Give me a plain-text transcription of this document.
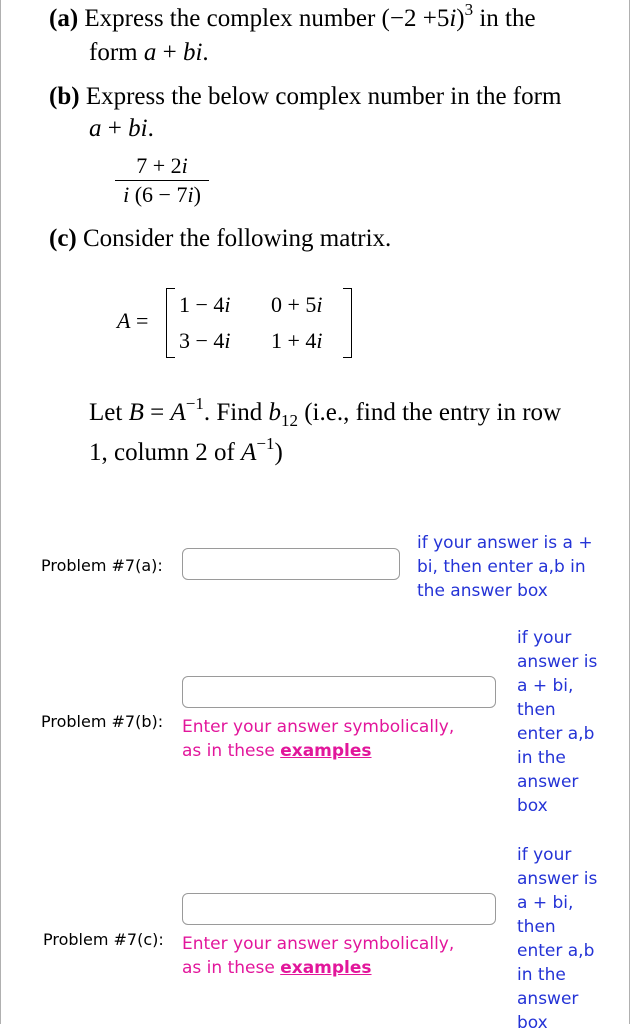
(a) Express the complex number $(-2 +5i)^3$ in the
form a + bi.
(b) Express the below complex number in the form
a + bi.
7 + 2i
i (6 − 7i)
(c) Consider the following matrix.
A =
1 − 4i 0 + 5i
3 − 4i 1 + 4i
Let $B = A^{-1}$. Find $b_{12}$ (i.e., find the entry in row
1, column 2 of $A^{-1}$)
Problem #7(a):
if your answer is a +
bi, then enter a,b in
the answer box
Problem #7(b): Enter your answer symbolically,
as in these examples
if your
answer is
a + bi,
then
enter a,b
in the
answer
box
Problem #7(c): Enter your answer symbolically,
as in these examples
if your
answer is
a + bi,
then
enter a,b
in the
answer
box
